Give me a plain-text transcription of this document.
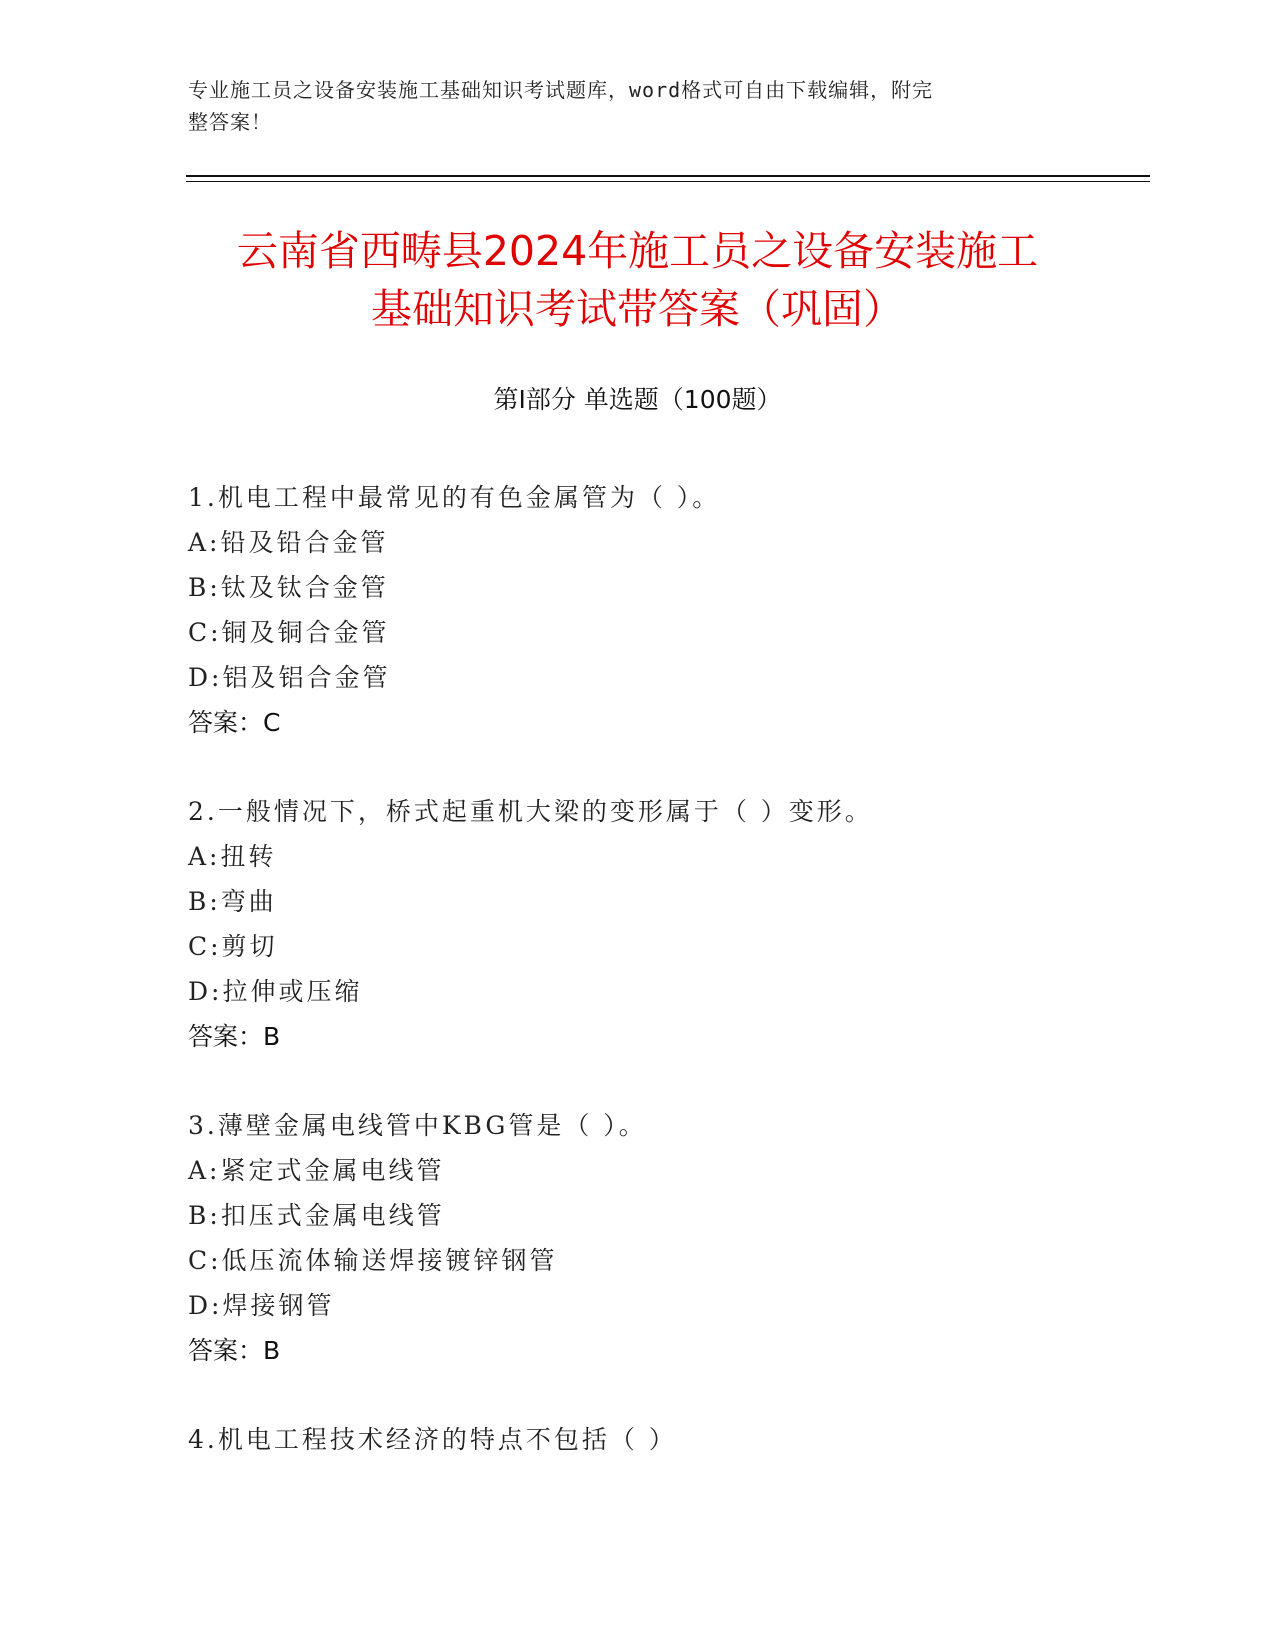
专业施工员之设备安装施工基础知识考试题库，word格式可自由下载编辑，附完
整答案！
云南省西畴县2024年施工员之设备安装施工
基础知识考试带答案（巩固）
第Ⅰ部分 单选题（100题）
1.机电工程中最常见的有色金属管为（ ）。
A:铅及铅合金管
B:钛及钛合金管
C:铜及铜合金管
D:铝及铝合金管
答案：C
2.一般情况下，桥式起重机大梁的变形属于（ ）变形。
A:扭转
B:弯曲
C:剪切
D:拉伸或压缩
答案：B
3.薄壁金属电线管中KBG管是（ ）。
A:紧定式金属电线管
B:扣压式金属电线管
C:低压流体输送焊接镀锌钢管
D:焊接钢管
答案：B
4.机电工程技术经济的特点不包括（ ）
